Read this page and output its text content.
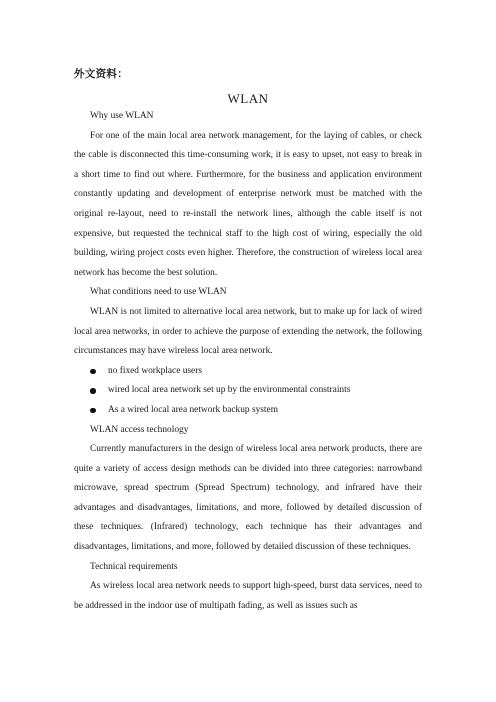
外文资料：
WLAN

Why use WLAN

For one of the main local area network management, for the laying of cables, or check the cable is disconnected this time-consuming work, it is easy to upset, not easy to break in a short time to find out where. Furthermore, for the business and application environment constantly updating and development of enterprise network must be matched with the original re-layout, need to re-install the network lines, although the cable itself is not expensive, but requested the technical staff to the high cost of wiring, especially the old building, wiring project costs even higher. Therefore, the construction of wireless local area network has become the best solution.

What conditions need to use WLAN

WLAN is not limited to alternative local area network, but to make up for lack of wired local area networks, in order to achieve the purpose of extending the network, the following circumstances may have wireless local area network.

no fixed workplace users
wired local area network set up by the environmental constraints
As a wired local area network backup system

WLAN access technology

Currently manufacturers in the design of wireless local area network products, there are quite a variety of access design methods can be divided into three categories: narrowband microwave, spread spectrum (Spread Spectrum) technology, and infrared have their advantages and disadvantages, limitations, and more, followed by detailed discussion of these techniques. (Infrared) technology, each technique has their advantages and disadvantages, limitations, and more, followed by detailed discussion of these techniques.

Technical requirements

As wireless local area network needs to support high-speed, burst data services, need to be addressed in the indoor use of multipath fading, as well as issues such as
